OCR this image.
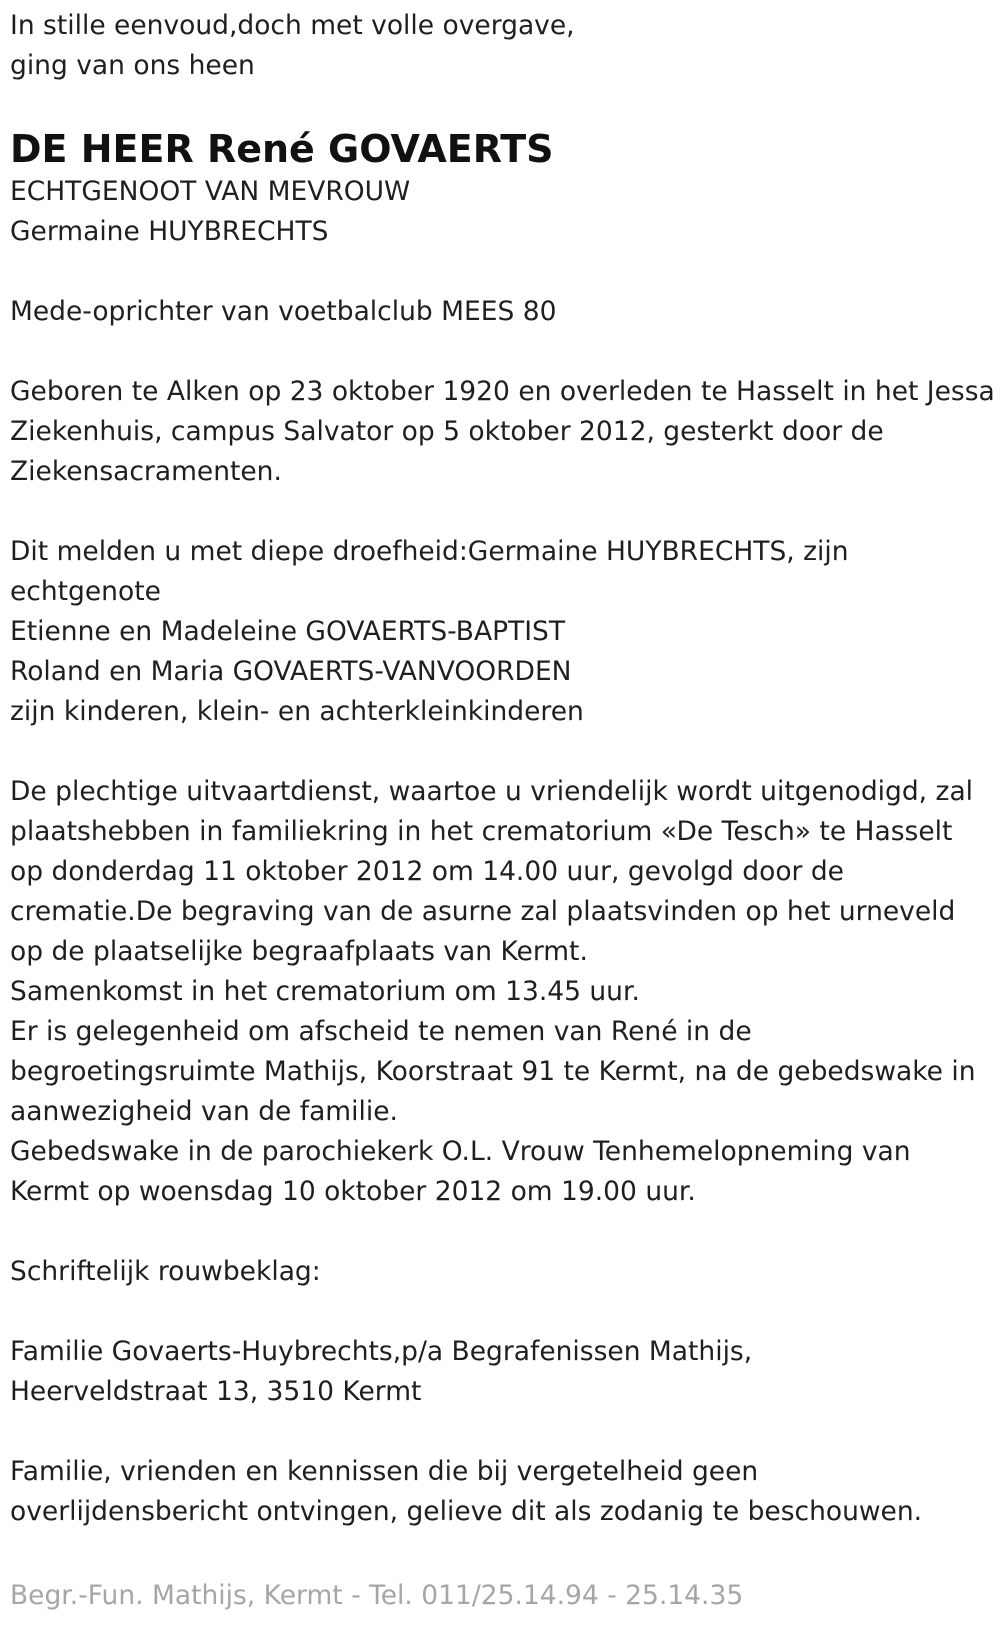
In stille eenvoud,doch met volle overgave,
ging van ons heen
DE HEER René GOVAERTS
ECHTGENOOT VAN MEVROUW
Germaine HUYBRECHTS
Mede-oprichter van voetbalclub MEES 80
Geboren te Alken op 23 oktober 1920 en overleden te Hasselt in het Jessa
Ziekenhuis, campus Salvator op 5 oktober 2012, gesterkt door de
Ziekensacramenten.
Dit melden u met diepe droefheid:Germaine HUYBRECHTS, zijn
echtgenote
Etienne en Madeleine GOVAERTS-BAPTIST
Roland en Maria GOVAERTS-VANVOORDEN
zijn kinderen, klein- en achterkleinkinderen
De plechtige uitvaartdienst, waartoe u vriendelijk wordt uitgenodigd, zal
plaatshebben in familiekring in het crematorium «De Tesch» te Hasselt
op donderdag 11 oktober 2012 om 14.00 uur, gevolgd door de
crematie.De begraving van de asurne zal plaatsvinden op het urneveld
op de plaatselijke begraafplaats van Kermt.
Samenkomst in het crematorium om 13.45 uur.
Er is gelegenheid om afscheid te nemen van René in de
begroetingsruimte Mathijs, Koorstraat 91 te Kermt, na de gebedswake in
aanwezigheid van de familie.
Gebedswake in de parochiekerk O.L. Vrouw Tenhemelopneming van
Kermt op woensdag 10 oktober 2012 om 19.00 uur.
Schriftelijk rouwbeklag:
Familie Govaerts-Huybrechts,p/a Begrafenissen Mathijs,
Heerveldstraat 13, 3510 Kermt
Familie, vrienden en kennissen die bij vergetelheid geen
overlijdensbericht ontvingen, gelieve dit als zodanig te beschouwen.
Begr.-Fun. Mathijs, Kermt - Tel. 011/25.14.94 - 25.14.35
